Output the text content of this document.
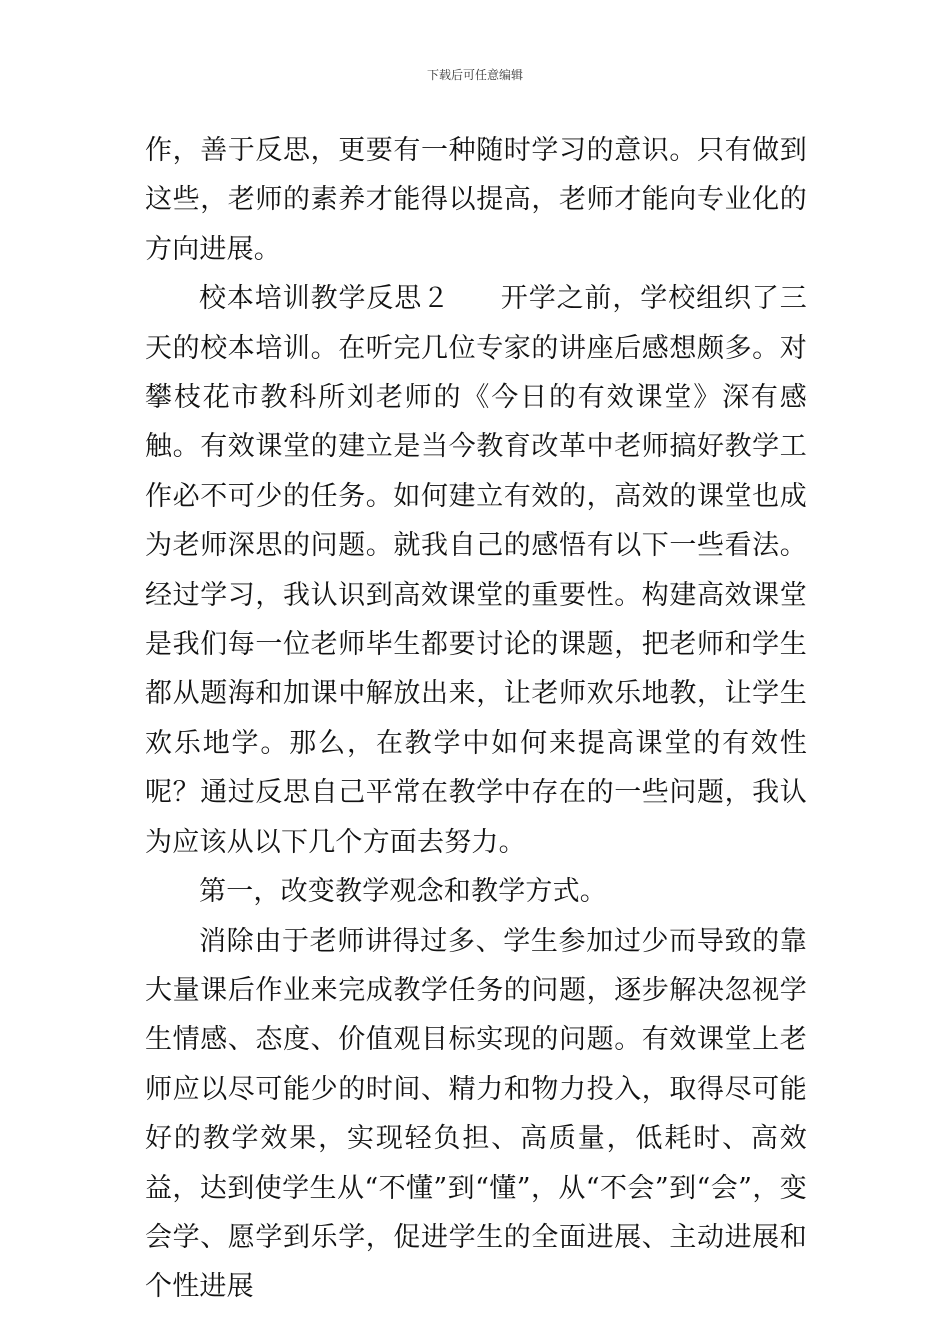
下载后可任意编辑

作，善于反思，更要有一种随时学习的意识。只有做到这些，老师的素养才能得以提高，老师才能向专业化的方向进展。

校本培训教学反思２ 开学之前，学校组织了三天的校本培训。在听完几位专家的讲座后感想颇多。对攀枝花市教科所刘老师的《今日的有效课堂》深有感触。有效课堂的建立是当今教育改革中老师搞好教学工作必不可少的任务。如何建立有效的，高效的课堂也成为老师深思的问题。就我自己的感悟有以下一些看法。经过学习，我认识到高效课堂的重要性。构建高效课堂是我们每一位老师毕生都要讨论的课题，把老师和学生都从题海和加课中解放出来，让老师欢乐地教，让学生欢乐地学。那么，在教学中如何来提高课堂的有效性呢？通过反思自己平常在教学中存在的一些问题，我认为应该从以下几个方面去努力。

第一，改变教学观念和教学方式。

消除由于老师讲得过多、学生参加过少而导致的靠大量课后作业来完成教学任务的问题，逐步解决忽视学生情感、态度、价值观目标实现的问题。有效课堂上老师应以尽可能少的时间、精力和物力投入，取得尽可能好的教学效果，实现轻负担、高质量，低耗时、高效益，达到使学生从“不懂”到“懂”，从“不会”到“会”，变会学、愿学到乐学，促进学生的全面进展、主动进展和个性进展
